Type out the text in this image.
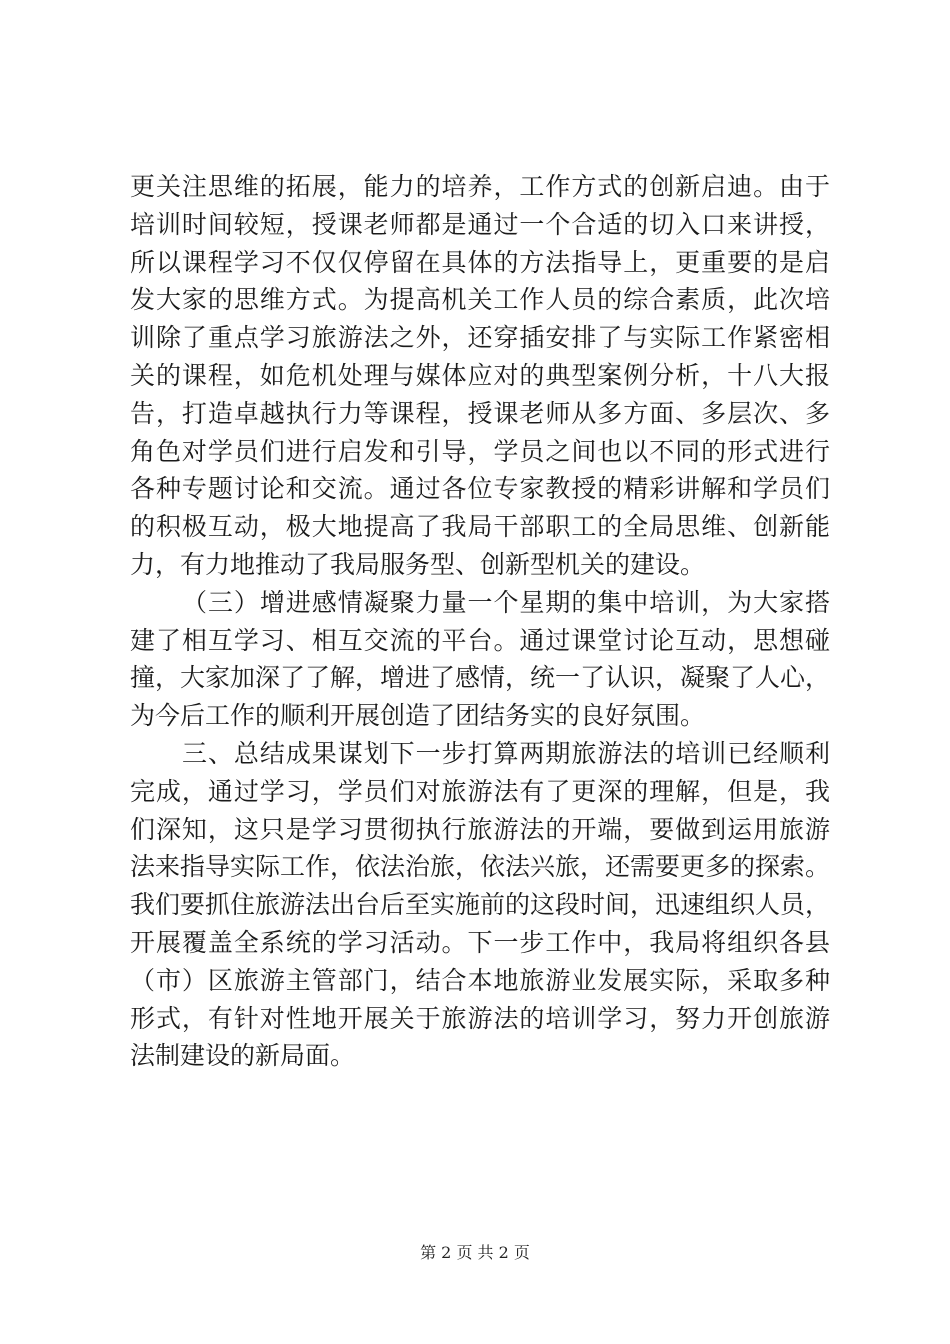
更关注思维的拓展，能力的培养，工作方式的创新启迪。由于
培训时间较短，授课老师都是通过一个合适的切入口来讲授，
所以课程学习不仅仅停留在具体的方法指导上，更重要的是启
发大家的思维方式。为提高机关工作人员的综合素质，此次培
训除了重点学习旅游法之外，还穿插安排了与实际工作紧密相
关的课程，如危机处理与媒体应对的典型案例分析，十八大报
告，打造卓越执行力等课程，授课老师从多方面、多层次、多
角色对学员们进行启发和引导，学员之间也以不同的形式进行
各种专题讨论和交流。通过各位专家教授的精彩讲解和学员们
的积极互动，极大地提高了我局干部职工的全局思维、创新能
力，有力地推动了我局服务型、创新型机关的建设。
（三）增进感情凝聚力量一个星期的集中培训，为大家搭
建了相互学习、相互交流的平台。通过课堂讨论互动，思想碰
撞，大家加深了了解，增进了感情，统一了认识，凝聚了人心，
为今后工作的顺利开展创造了团结务实的良好氛围。
三、总结成果谋划下一步打算两期旅游法的培训已经顺利
完成，通过学习，学员们对旅游法有了更深的理解，但是，我
们深知，这只是学习贯彻执行旅游法的开端，要做到运用旅游
法来指导实际工作，依法治旅，依法兴旅，还需要更多的探索。
我们要抓住旅游法出台后至实施前的这段时间，迅速组织人员，
开展覆盖全系统的学习活动。下一步工作中，我局将组织各县
（市）区旅游主管部门，结合本地旅游业发展实际，采取多种
形式，有针对性地开展关于旅游法的培训学习，努力开创旅游
法制建设的新局面。
第 2 页 共 2 页
